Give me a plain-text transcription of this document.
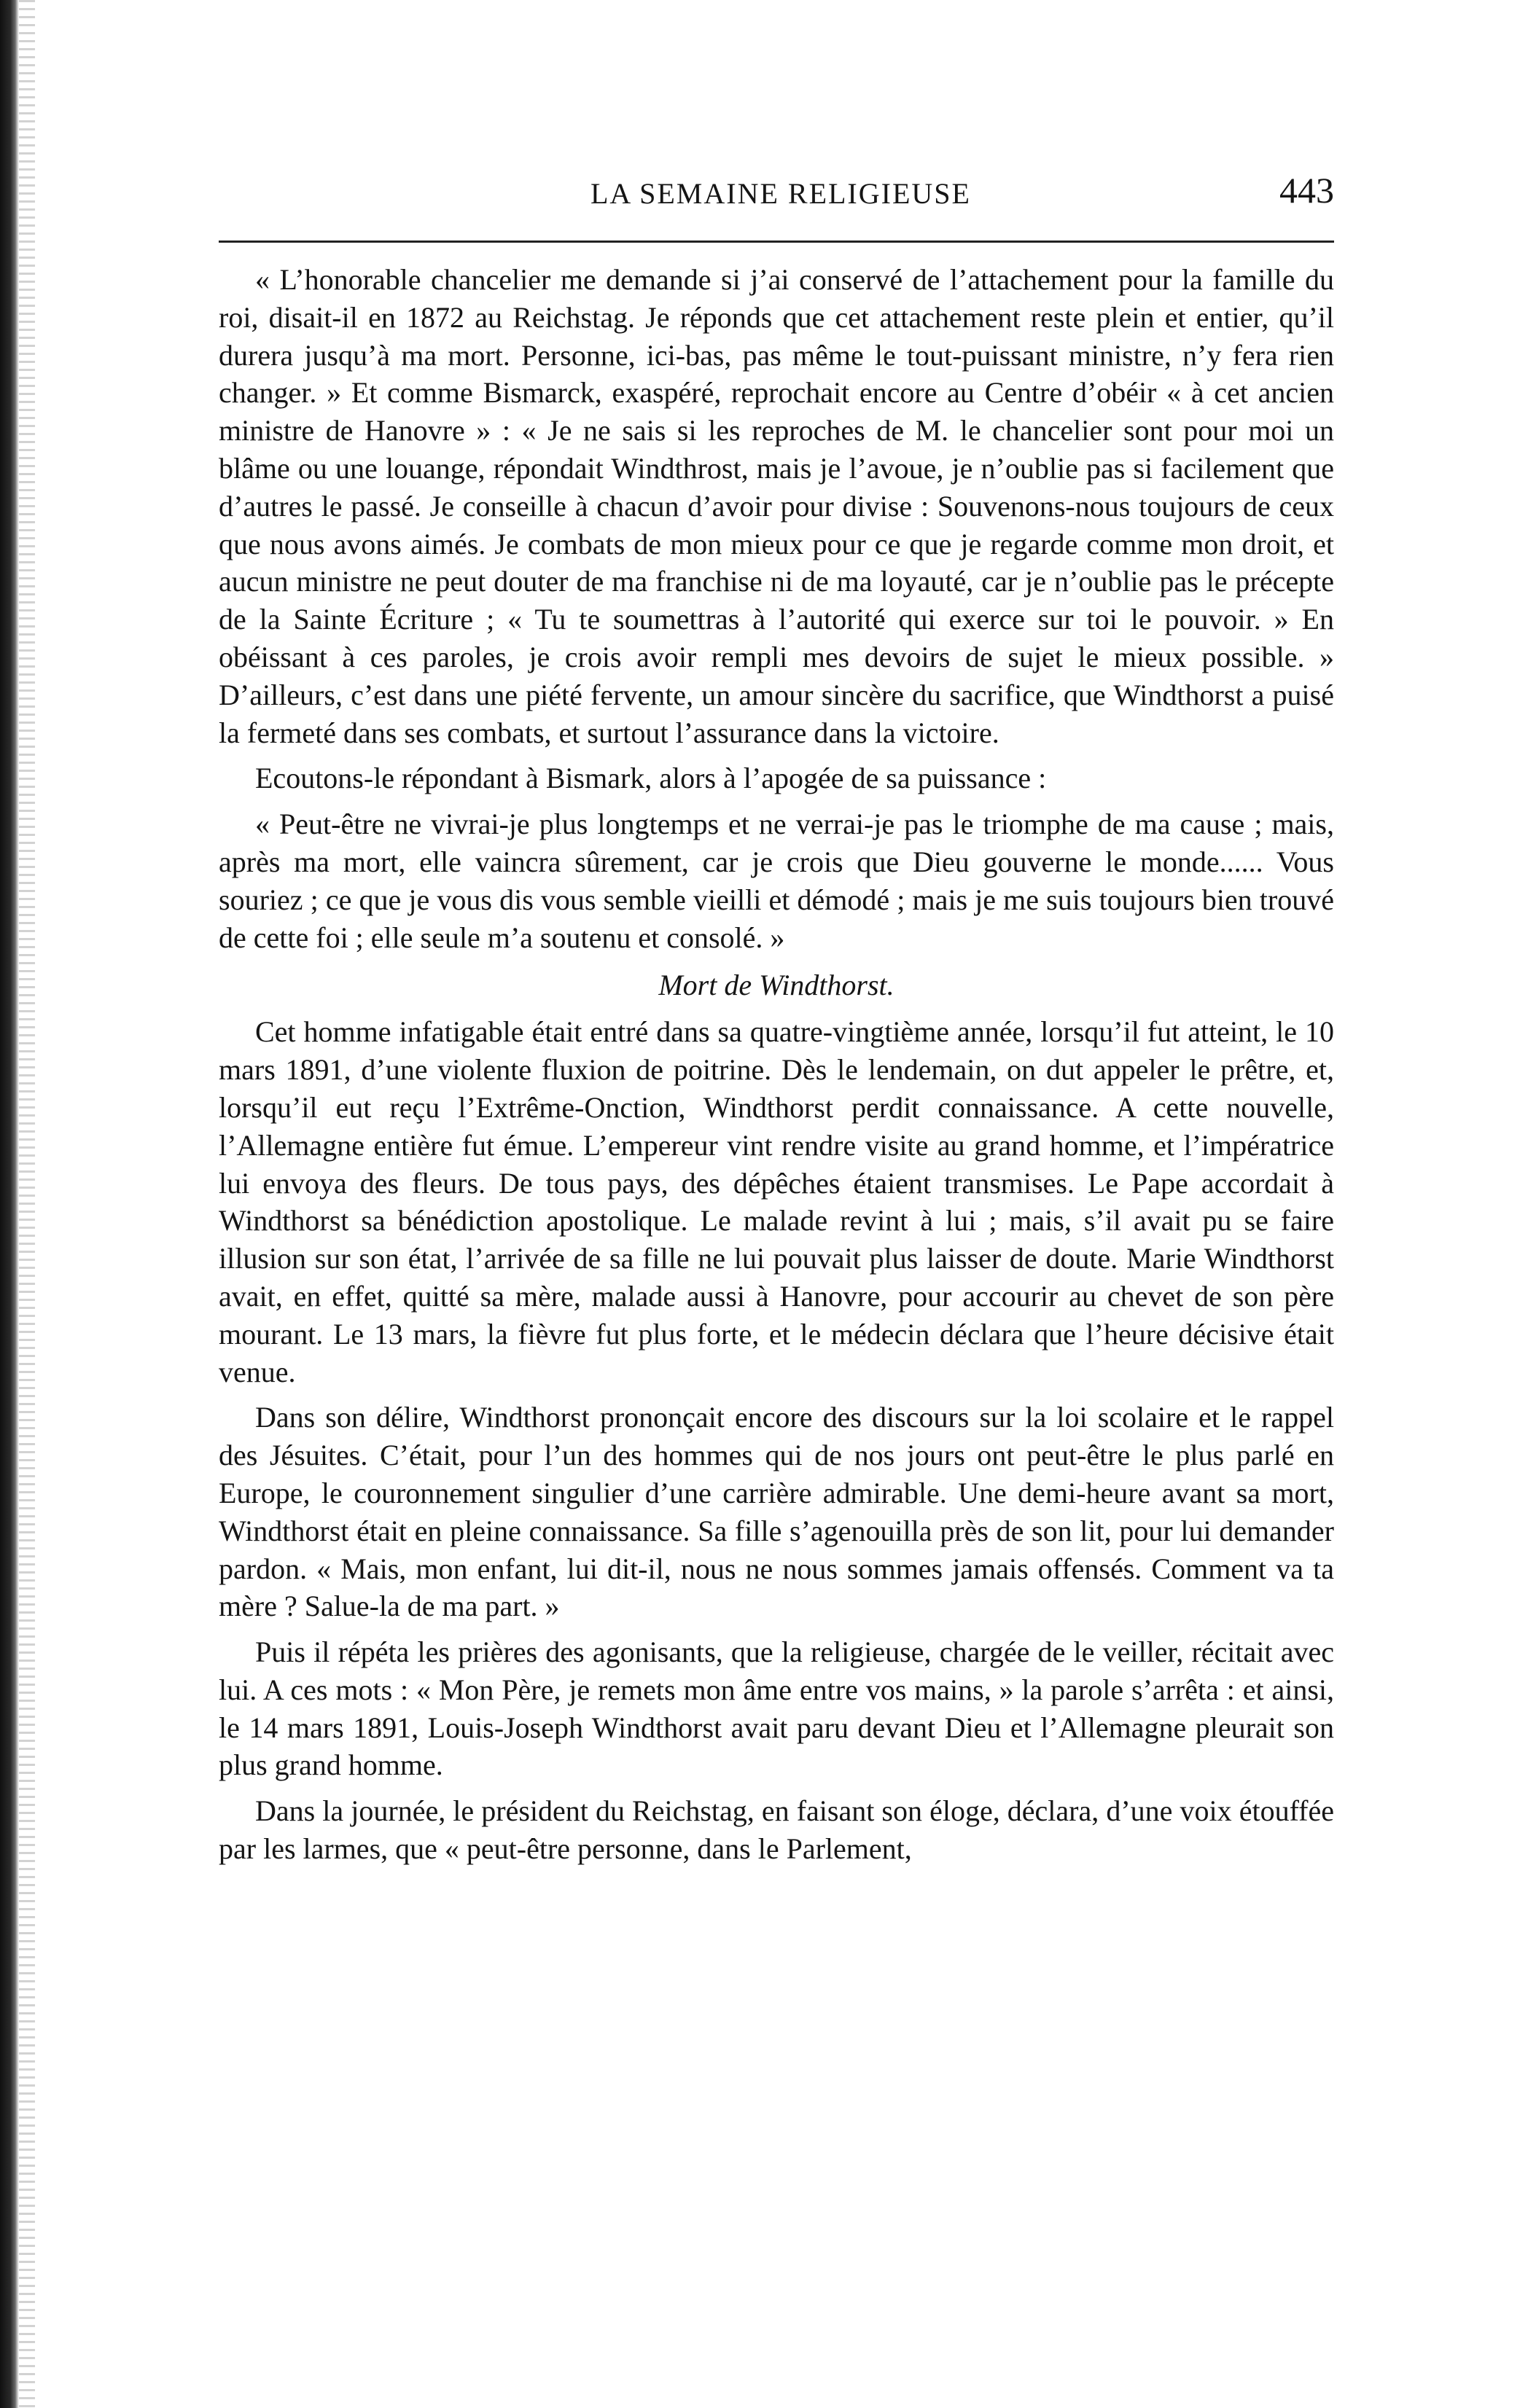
LA SEMAINE RELIGIEUSE	443

« L’honorable chancelier me demande si j’ai conservé de l’attachement pour la famille du roi, disait-il en 1872 au Reichstag. Je réponds que cet attachement reste plein et entier, qu’il durera jusqu’à ma mort. Personne, ici-bas, pas même le tout-puissant ministre, n’y fera rien changer. » Et comme Bismarck, exaspéré, reprochait encore au Centre d’obéir « à cet ancien ministre de Hanovre » : « Je ne sais si les reproches de M. le chancelier sont pour moi un blâme ou une louange, répondait Windthrost, mais je l’avoue, je n’oublie pas si facilement que d’autres le passé. Je conseille à chacun d’avoir pour divise : Souvenons-nous toujours de ceux que nous avons aimés. Je combats de mon mieux pour ce que je regarde comme mon droit, et aucun ministre ne peut douter de ma franchise ni de ma loyauté, car je n’oublie pas le précepte de la Sainte Écriture ; « Tu te soumettras à l’autorité qui exerce sur toi le pouvoir. » En obéissant à ces paroles, je crois avoir rempli mes devoirs de sujet le mieux possible. » D’ailleurs, c’est dans une piété fervente, un amour sincère du sacrifice, que Windthorst a puisé la fermeté dans ses combats, et surtout l’assurance dans la victoire.

Ecoutons-le répondant à Bismark, alors à l’apogée de sa puissance :

« Peut-être ne vivrai-je plus longtemps et ne verrai-je pas le triomphe de ma cause ; mais, après ma mort, elle vaincra sûrement, car je crois que Dieu gouverne le monde...... Vous souriez ; ce que je vous dis vous semble vieilli et démodé ; mais je me suis toujours bien trouvé de cette foi ; elle seule m’a soutenu et consolé. »

Mort de Windthorst.

Cet homme infatigable était entré dans sa quatre-vingtième année, lorsqu’il fut atteint, le 10 mars 1891, d’une violente fluxion de poitrine. Dès le lendemain, on dut appeler le prêtre, et, lorsqu’il eut reçu l’Extrême-Onction, Windthorst perdit connaissance. A cette nouvelle, l’Allemagne entière fut émue. L’empereur vint rendre visite au grand homme, et l’impératrice lui envoya des fleurs. De tous pays, des dépêches étaient transmises. Le Pape accordait à Windthorst sa bénédiction apostolique. Le malade revint à lui ; mais, s’il avait pu se faire illusion sur son état, l’arrivée de sa fille ne lui pouvait plus laisser de doute. Marie Windthorst avait, en effet, quitté sa mère, malade aussi à Hanovre, pour accourir au chevet de son père mourant. Le 13 mars, la fièvre fut plus forte, et le médecin déclara que l’heure décisive était venue.

Dans son délire, Windthorst prononçait encore des discours sur la loi scolaire et le rappel des Jésuites. C’était, pour l’un des hommes qui de nos jours ont peut-être le plus parlé en Europe, le couronnement singulier d’une carrière admirable. Une demi-heure avant sa mort, Windthorst était en pleine connaissance. Sa fille s’agenouilla près de son lit, pour lui demander pardon. « Mais, mon enfant, lui dit-il, nous ne nous sommes jamais offensés. Comment va ta mère ? Salue-la de ma part. »

Puis il répéta les prières des agonisants, que la religieuse, chargée de le veiller, récitait avec lui. A ces mots : « Mon Père, je remets mon âme entre vos mains, » la parole s’arrêta : et ainsi, le 14 mars 1891, Louis-Joseph Windthorst avait paru devant Dieu et l’Allemagne pleurait son plus grand homme.

Dans la journée, le président du Reichstag, en faisant son éloge, déclara, d’une voix étouffée par les larmes, que « peut-être personne, dans le Parlement,
